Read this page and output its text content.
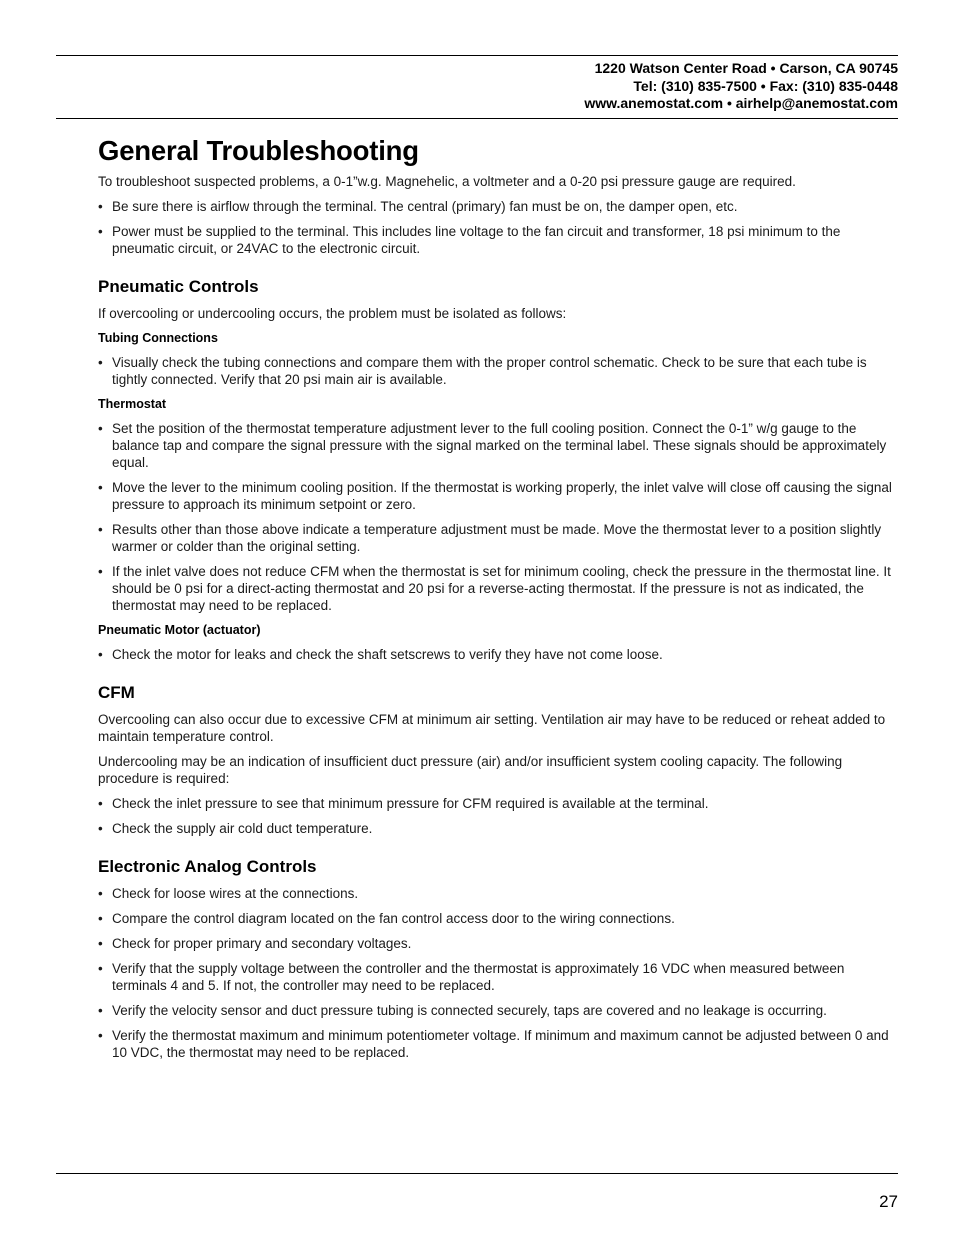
1220 Watson Center Road • Carson, CA 90745
Tel: (310) 835-7500 • Fax: (310) 835-0448
www.anemostat.com • airhelp@anemostat.com
General Troubleshooting

To troubleshoot suspected problems, a 0-1”w.g. Magnehelic, a voltmeter and a 0-20 psi pressure gauge are required.

• Be sure there is airflow through the terminal. The central (primary) fan must be on, the damper open, etc.
• Power must be supplied to the terminal. This includes line voltage to the fan circuit and transformer, 18 psi minimum to the pneumatic circuit, or 24VAC to the electronic circuit.
Pneumatic Controls

If overcooling or undercooling occurs, the problem must be isolated as follows:

Tubing Connections
• Visually check the tubing connections and compare them with the proper control schematic. Check to be sure that each tube is tightly connected. Verify that 20 psi main air is available.
Thermostat
• Set the position of the thermostat temperature adjustment lever to the full cooling position. Connect the 0-1” w/g gauge to the balance tap and compare the signal pressure with the signal marked on the terminal label. These signals should be approximately equal.
• Move the lever to the minimum cooling position. If the thermostat is working properly, the inlet valve will close off causing the signal pressure to approach its minimum setpoint or zero.
• Results other than those above indicate a temperature adjustment must be made. Move the thermostat lever to a position slightly warmer or colder than the original setting.
• If the inlet valve does not reduce CFM when the thermostat is set for minimum cooling, check the pressure in the thermostat line. It should be 0 psi for a direct-acting thermostat and 20 psi for a reverse-acting thermostat. If the pressure is not as indicated, the thermostat may need to be replaced.
Pneumatic Motor (actuator)
• Check the motor for leaks and check the shaft setscrews to verify they have not come loose.
CFM

Overcooling can also occur due to excessive CFM at minimum air setting. Ventilation air may have to be reduced or reheat added to maintain temperature control.

Undercooling may be an indication of insufficient duct pressure (air) and/or insufficient system cooling capacity. The following procedure is required:

• Check the inlet pressure to see that minimum pressure for CFM required is available at the terminal.
• Check the supply air cold duct temperature.
Electronic Analog Controls
• Check for loose wires at the connections.
• Compare the control diagram located on the fan control access door to the wiring connections.
• Check for proper primary and secondary voltages.
• Verify that the supply voltage between the controller and the thermostat is approximately 16 VDC when measured between terminals 4 and 5. If not, the controller may need to be replaced.
• Verify the velocity sensor and duct pressure tubing is connected securely, taps are covered and no leakage is occurring.
• Verify the thermostat maximum and minimum potentiometer voltage. If minimum and maximum cannot be adjusted between 0 and 10 VDC, the thermostat may need to be replaced.
27
